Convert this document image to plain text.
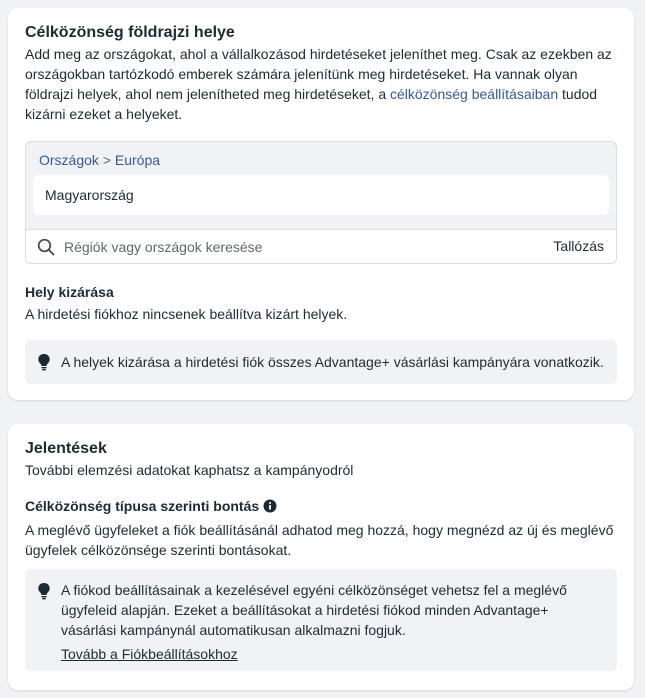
Célközönség földrajzi helye
Add meg az országokat, ahol a vállalkozásod hirdetéseket jeleníthet meg. Csak az ezekben az országokban tartózkodó emberek számára jelenítünk meg hirdetéseket. Ha vannak olyan földrajzi helyek, ahol nem jelenítheted meg hirdetéseket, a célközönség beállításaiban tudod kizárni ezeket a helyeket.
Országok > Európa
Magyarország
Régiók vagy országok keresése
Tallózás
Hely kizárása
A hirdetési fiókhoz nincsenek beállítva kizárt helyek.
A helyek kizárása a hirdetési fiók összes Advantage+ vásárlási kampányára vonatkozik.
Jelentések
További elemzési adatokat kaphatsz a kampányodról
Célközönség típusa szerinti bontás
A meglévő ügyfeleket a fiók beállításánál adhatod meg hozzá, hogy megnézd az új és meglévő ügyfelek célközönsége szerinti bontásokat.
A fiókod beállításainak a kezelésével egyéni célközönséget vehetsz fel a meglévő ügyfeleid alapján. Ezeket a beállításokat a hirdetési fiókod minden Advantage+ vásárlási kampánynál automatikusan alkalmazni fogjuk.
Tovább a Fiókbeállításokhoz
